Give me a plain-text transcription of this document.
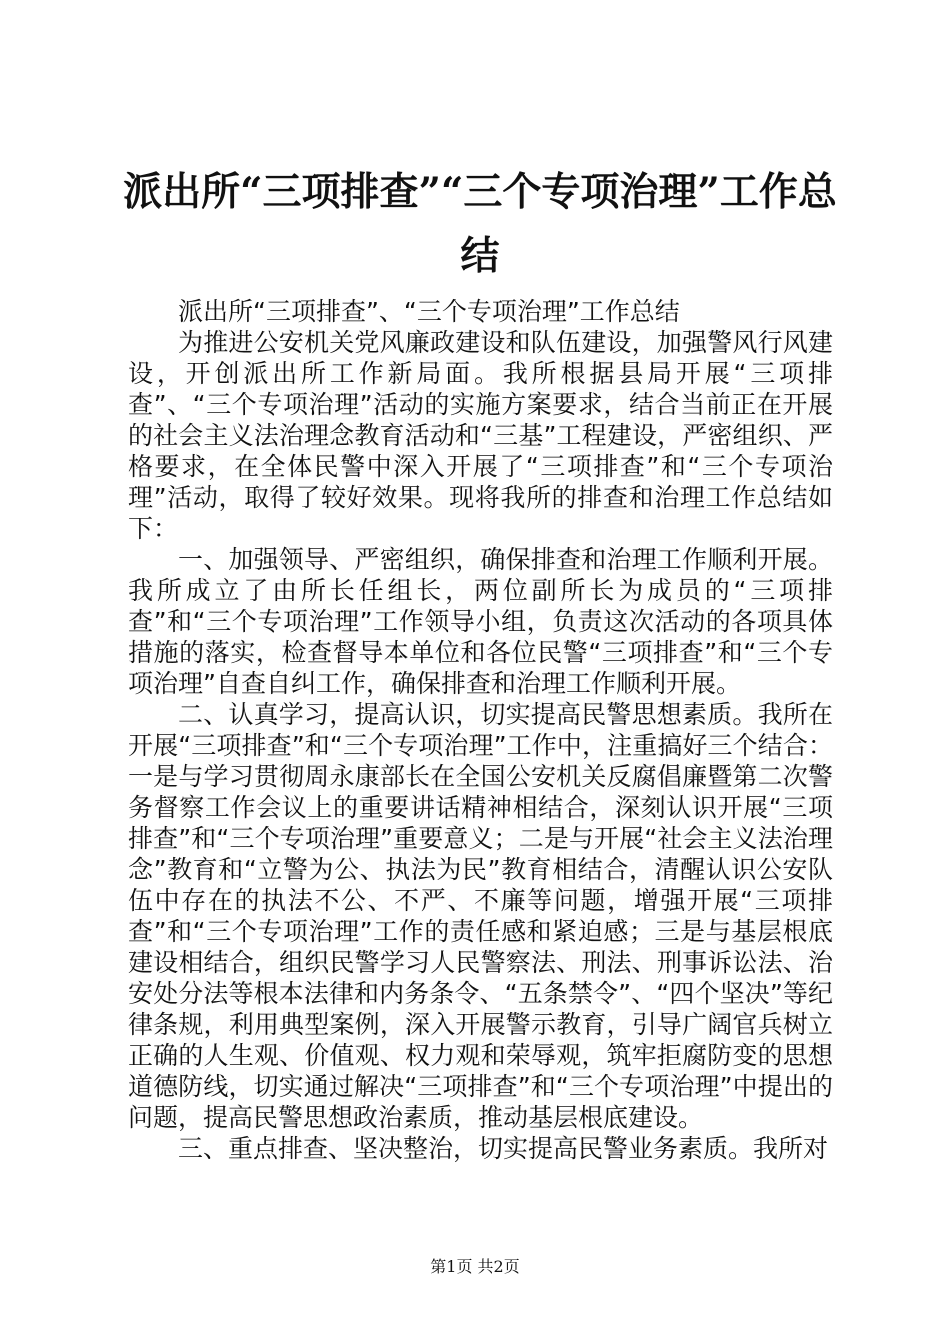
派出所“三项排查”“三个专项治理”工作总结

派出所“三项排查”、“三个专项治理”工作总结

为推进公安机关党风廉政建设和队伍建设，加强警风行风建设，开创派出所工作新局面。我所根据县局开展“三项排查”、“三个专项治理”活动的实施方案要求，结合当前正在开展的社会主义法治理念教育活动和“三基”工程建设，严密组织、严格要求，在全体民警中深入开展了“三项排查”和“三个专项治理”活动，取得了较好效果。现将我所的排查和治理工作总结如下：

一、加强领导、严密组织，确保排查和治理工作顺利开展。我所成立了由所长任组长，两位副所长为成员的“三项排查”和“三个专项治理”工作领导小组，负责这次活动的各项具体措施的落实，检查督导本单位和各位民警“三项排查”和“三个专项治理”自查自纠工作，确保排查和治理工作顺利开展。

二、认真学习，提高认识，切实提高民警思想素质。我所在开展“三项排查”和“三个专项治理”工作中，注重搞好三个结合：一是与学习贯彻周永康部长在全国公安机关反腐倡廉暨第二次警务督察工作会议上的重要讲话精神相结合，深刻认识开展“三项排查”和“三个专项治理”重要意义；二是与开展“社会主义法治理念”教育和“立警为公、执法为民”教育相结合，清醒认识公安队伍中存在的执法不公、不严、不廉等问题，增强开展“三项排查”和“三个专项治理”工作的责任感和紧迫感；三是与基层根底建设相结合，组织民警学习人民警察法、刑法、刑事诉讼法、治安处分法等根本法律和内务条令、“五条禁令”、“四个坚决”等纪律条规，利用典型案例，深入开展警示教育，引导广阔官兵树立正确的人生观、价值观、权力观和荣辱观，筑牢拒腐防变的思想道德防线，切实通过解决“三项排查”和“三个专项治理”中提出的问题，提高民警思想政治素质，推动基层根底建设。

三、重点排查、坚决整治，切实提高民警业务素质。我所对

第1页 共2页
